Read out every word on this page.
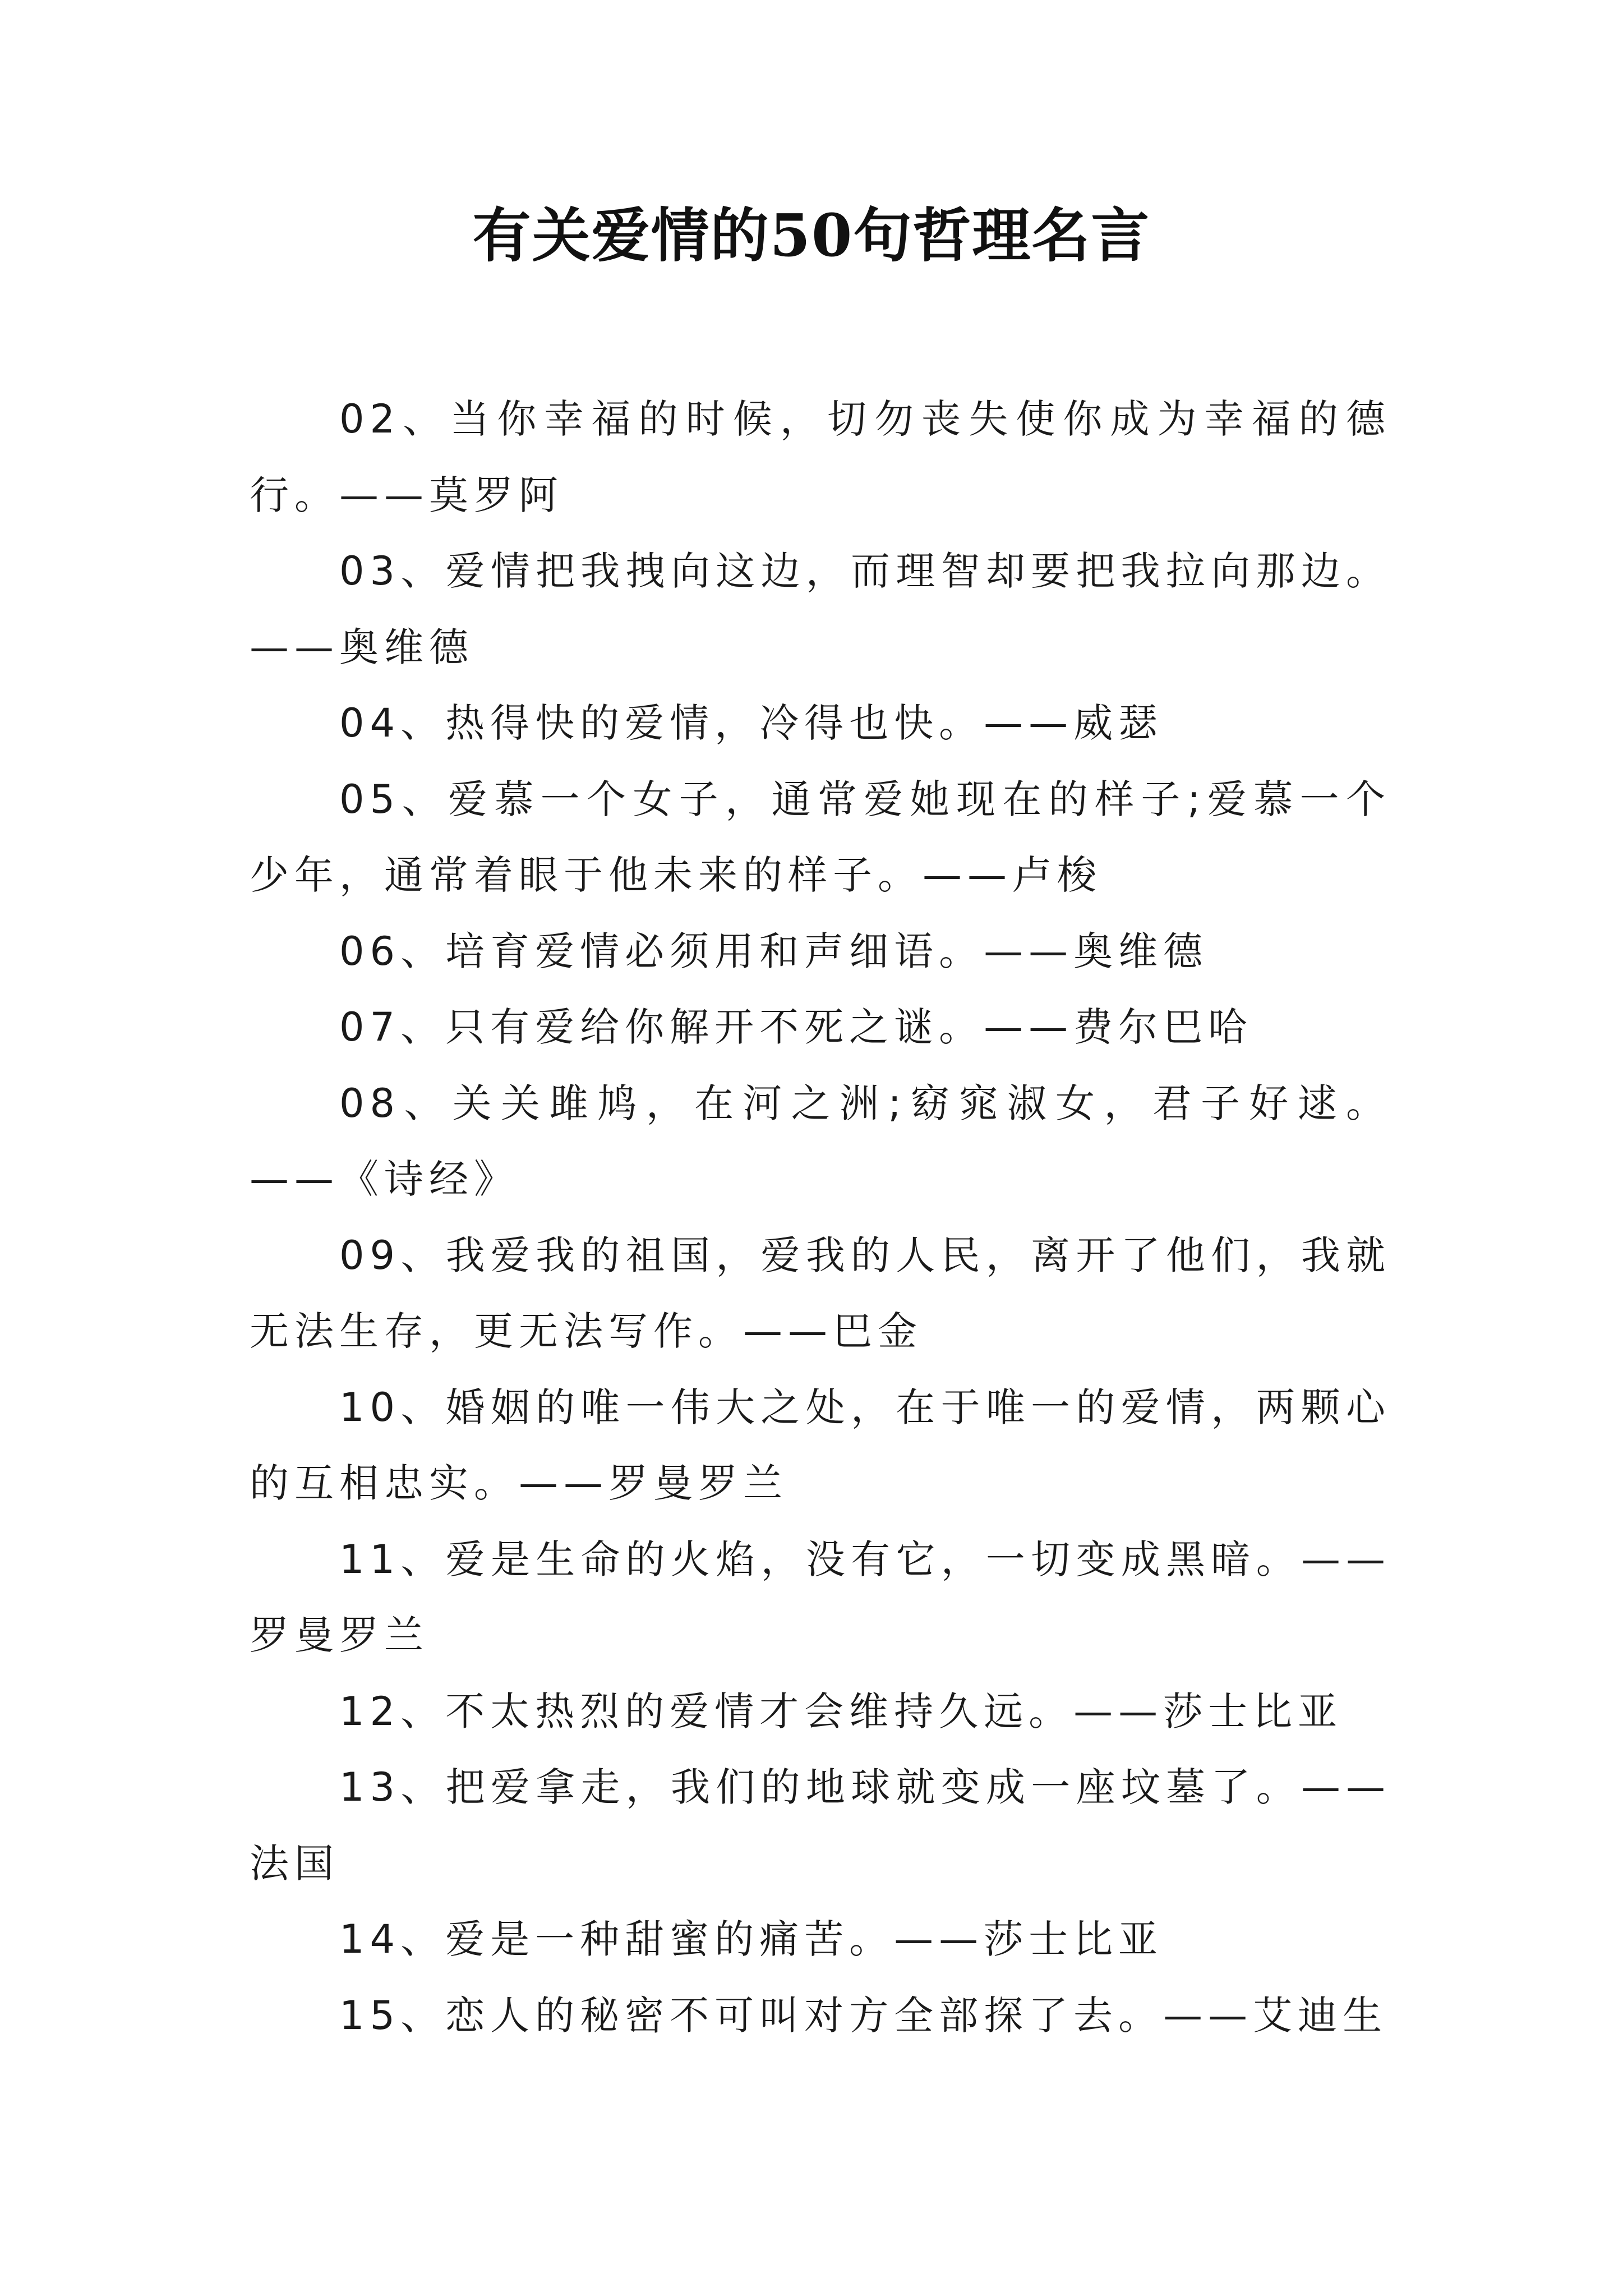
有关爱情的50句哲理名言

02、当你幸福的时候，切勿丧失使你成为幸福的德行。——莫罗阿

03、爱情把我拽向这边，而理智却要把我拉向那边。——奥维德

04、热得快的爱情，冷得也快。——威瑟

05、爱慕一个女子，通常爱她现在的样子;爱慕一个少年，通常着眼于他未来的样子。——卢梭

06、培育爱情必须用和声细语。——奥维德

07、只有爱给你解开不死之谜。——费尔巴哈

08、关关雎鸠，在河之洲;窈窕淑女，君子好逑。——《诗经》

09、我爱我的祖国，爱我的人民，离开了他们，我就无法生存，更无法写作。——巴金

10、婚姻的唯一伟大之处，在于唯一的爱情，两颗心的互相忠实。——罗曼罗兰

11、爱是生命的火焰，没有它，一切变成黑暗。——罗曼罗兰

12、不太热烈的爱情才会维持久远。——莎士比亚

13、把爱拿走，我们的地球就变成一座坟墓了。——法国

14、爱是一种甜蜜的痛苦。——莎士比亚

15、恋人的秘密不可叫对方全部探了去。——艾迪生
